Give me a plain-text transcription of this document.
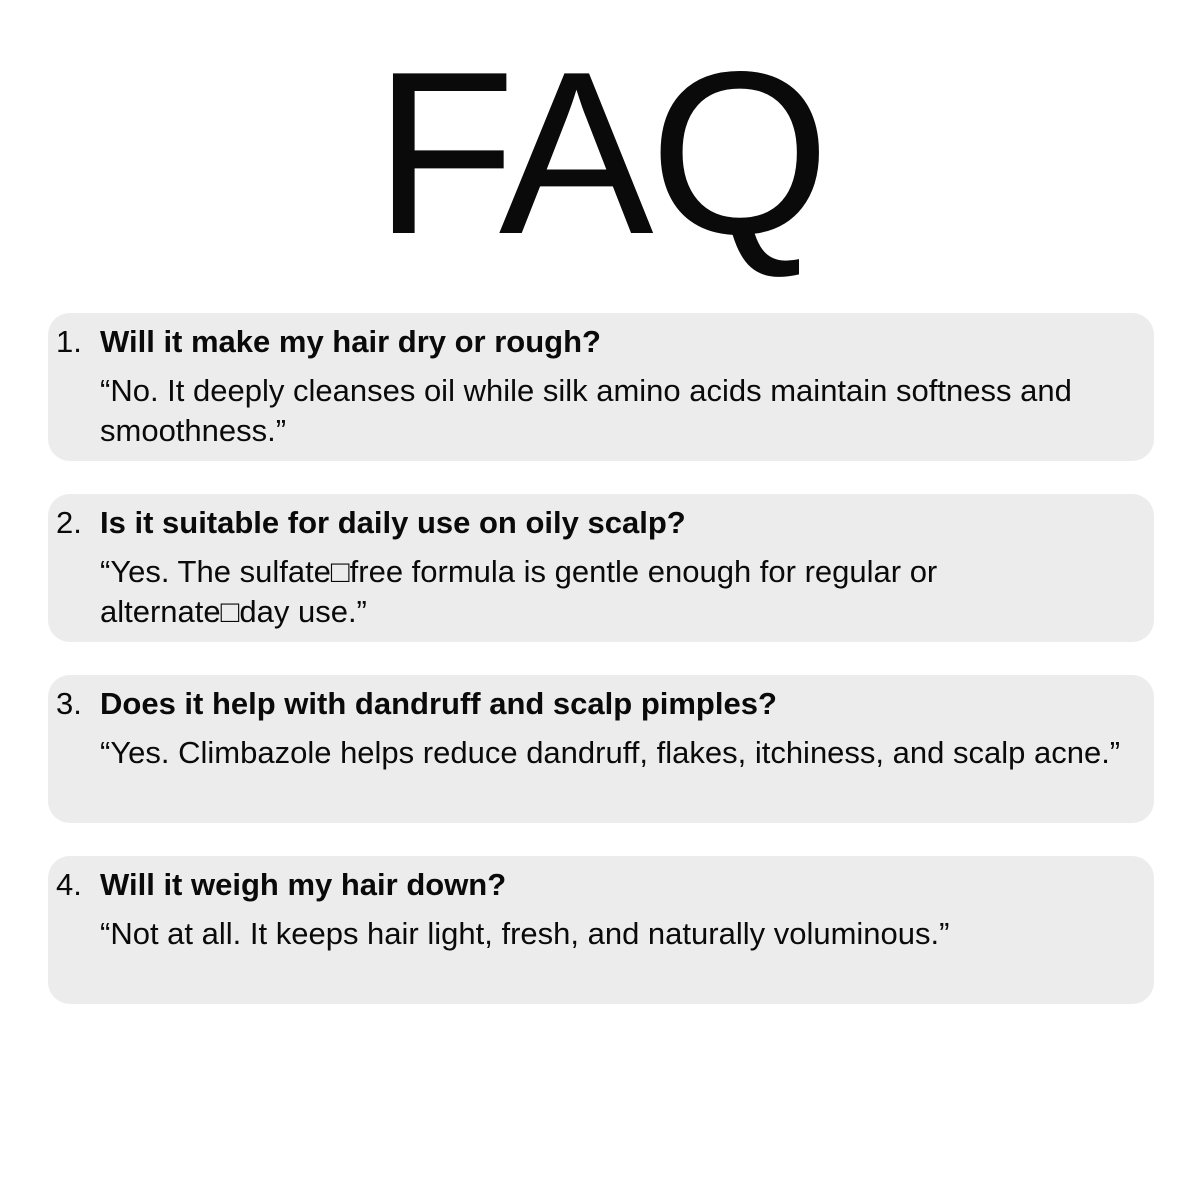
FAQ
1. Will it make my hair dry or rough?

“No. It deeply cleanses oil while silk amino acids maintain softness and smoothness.”

2. Is it suitable for daily use on oily scalp?

“Yes. The sulfate□free formula is gentle enough for regular or alternate□day use.”

3. Does it help with dandruff and scalp pimples?

“Yes. Climbazole helps reduce dandruff, flakes, itchiness, and scalp acne.”

4. Will it weigh my hair down?

“Not at all. It keeps hair light, fresh, and naturally voluminous.”
